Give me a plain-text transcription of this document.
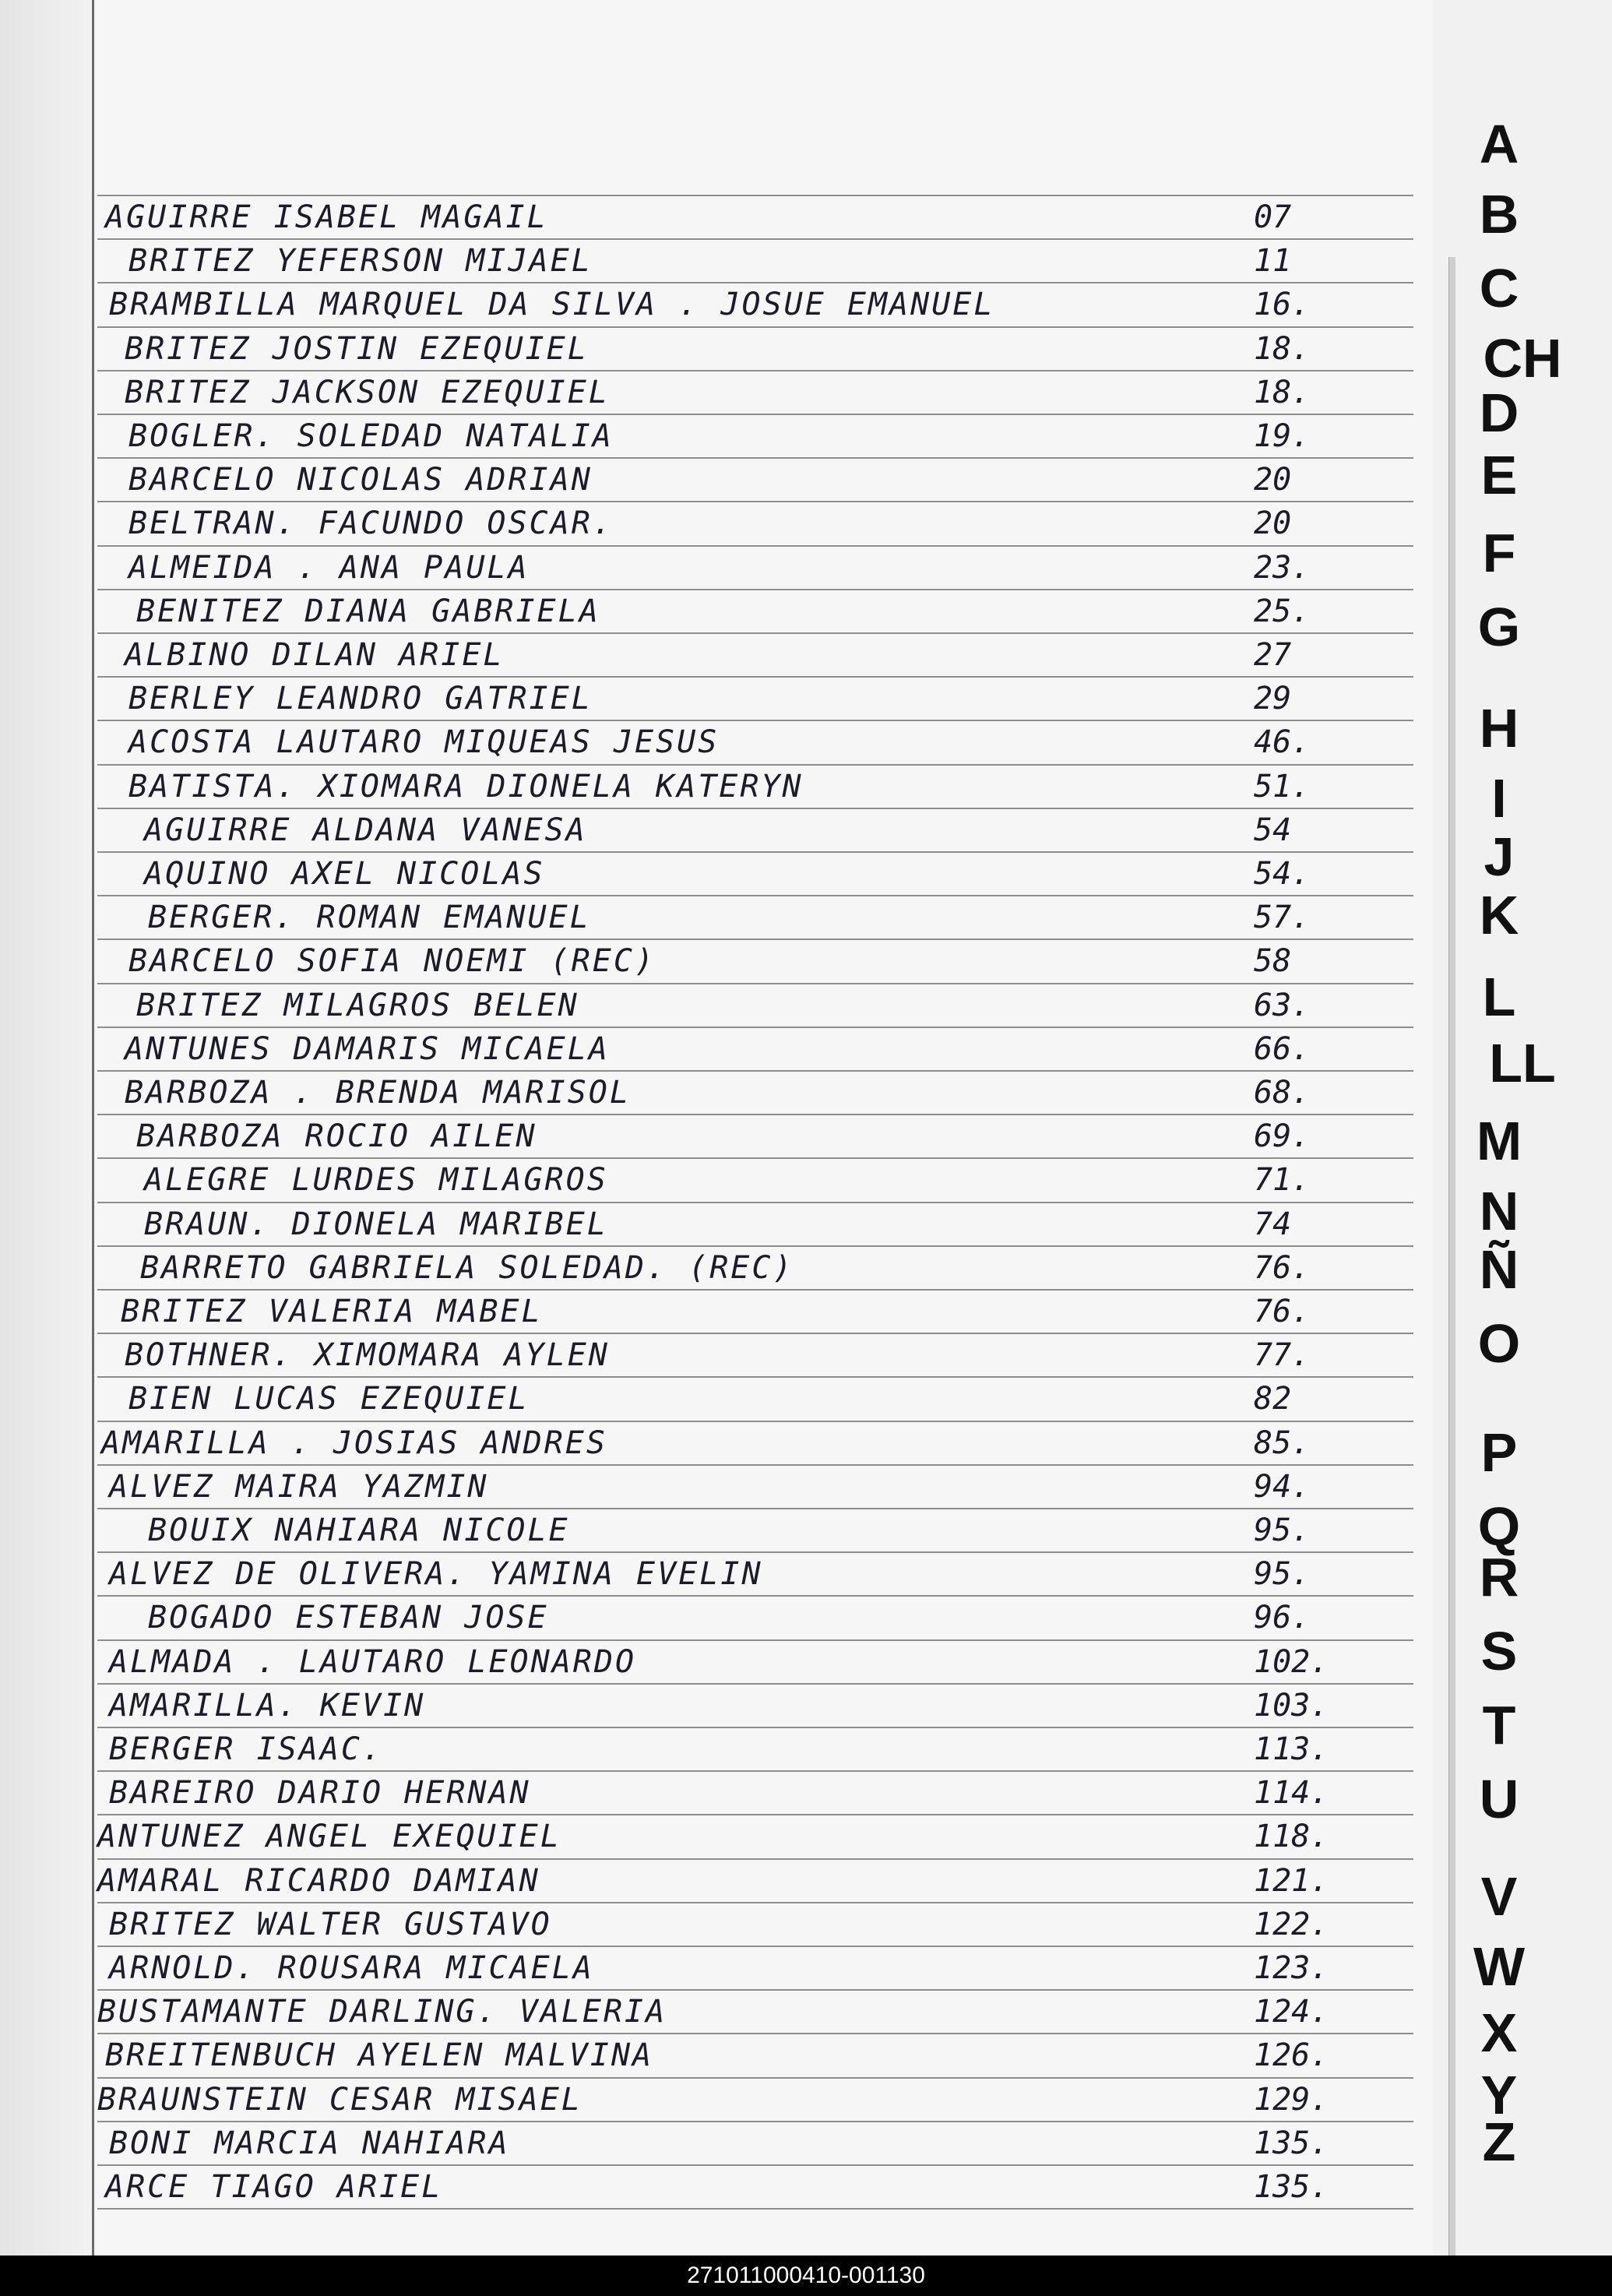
AGUIRRE ISABEL MAGAIL	07
BRITEZ YEFERSON MIJAEL	11
BRAMBILLA MARQUEL DA SILVA . JOSUE EMANUEL	16.
BRITEZ JOSTIN EZEQUIEL	18.
BRITEZ JACKSON EZEQUIEL	18.
BOGLER. SOLEDAD NATALIA	19.
BARCELO NICOLAS ADRIAN	20
BELTRAN. FACUNDO OSCAR.	20
ALMEIDA . ANA PAULA	23.
BENITEZ DIANA GABRIELA	25.
ALBINO DILAN ARIEL	27
BERLEY LEANDRO GATRIEL	29
ACOSTA LAUTARO MIQUEAS JESUS	46.
BATISTA. XIOMARA DIONELA KATERYN	51.
AGUIRRE ALDANA VANESA	54
AQUINO AXEL NICOLAS	54.
BERGER. ROMAN EMANUEL	57.
BARCELO SOFIA NOEMI (REC)	58
BRITEZ MILAGROS BELEN	63.
ANTUNES DAMARIS MICAELA	66.
BARBOZA . BRENDA MARISOL	68.
BARBOZA ROCIO AILEN	69.
ALEGRE LURDES MILAGROS	71.
BRAUN. DIONELA MARIBEL	74
BARRETO GABRIELA SOLEDAD. (REC)	76.
BRITEZ VALERIA MABEL	76.
BOTHNER. XIMOMARA AYLEN	77.
BIEN LUCAS EZEQUIEL	82
AMARILLA . JOSIAS ANDRES	85.
ALVEZ MAIRA YAZMIN	94.
BOUIX NAHIARA NICOLE	95.
ALVEZ DE OLIVERA. YAMINA EVELIN	95.
BOGADO ESTEBAN JOSE	96.
ALMADA . LAUTARO LEONARDO	102.
AMARILLA. KEVIN	103.
BERGER ISAAC.	113.
BAREIRO DARIO HERNAN	114.
ANTUNEZ ANGEL EXEQUIEL	118.
AMARAL RICARDO DAMIAN	121.
BRITEZ WALTER GUSTAVO	122.
ARNOLD. ROUSARA MICAELA	123.
BUSTAMANTE DARLING. VALERIA	124.
BREITENBUCH AYELEN MALVINA	126.
BRAUNSTEIN CESAR MISAEL	129.
BONI MARCIA NAHIARA	135.
ARCE TIAGO ARIEL	135.
A
B
C
CH
D
E
F
G
H
I
J
K
L
LL
M
N
Ñ
O
P
Q
R
S
T
U
V
W
X
Y
Z
271011000410-001130
